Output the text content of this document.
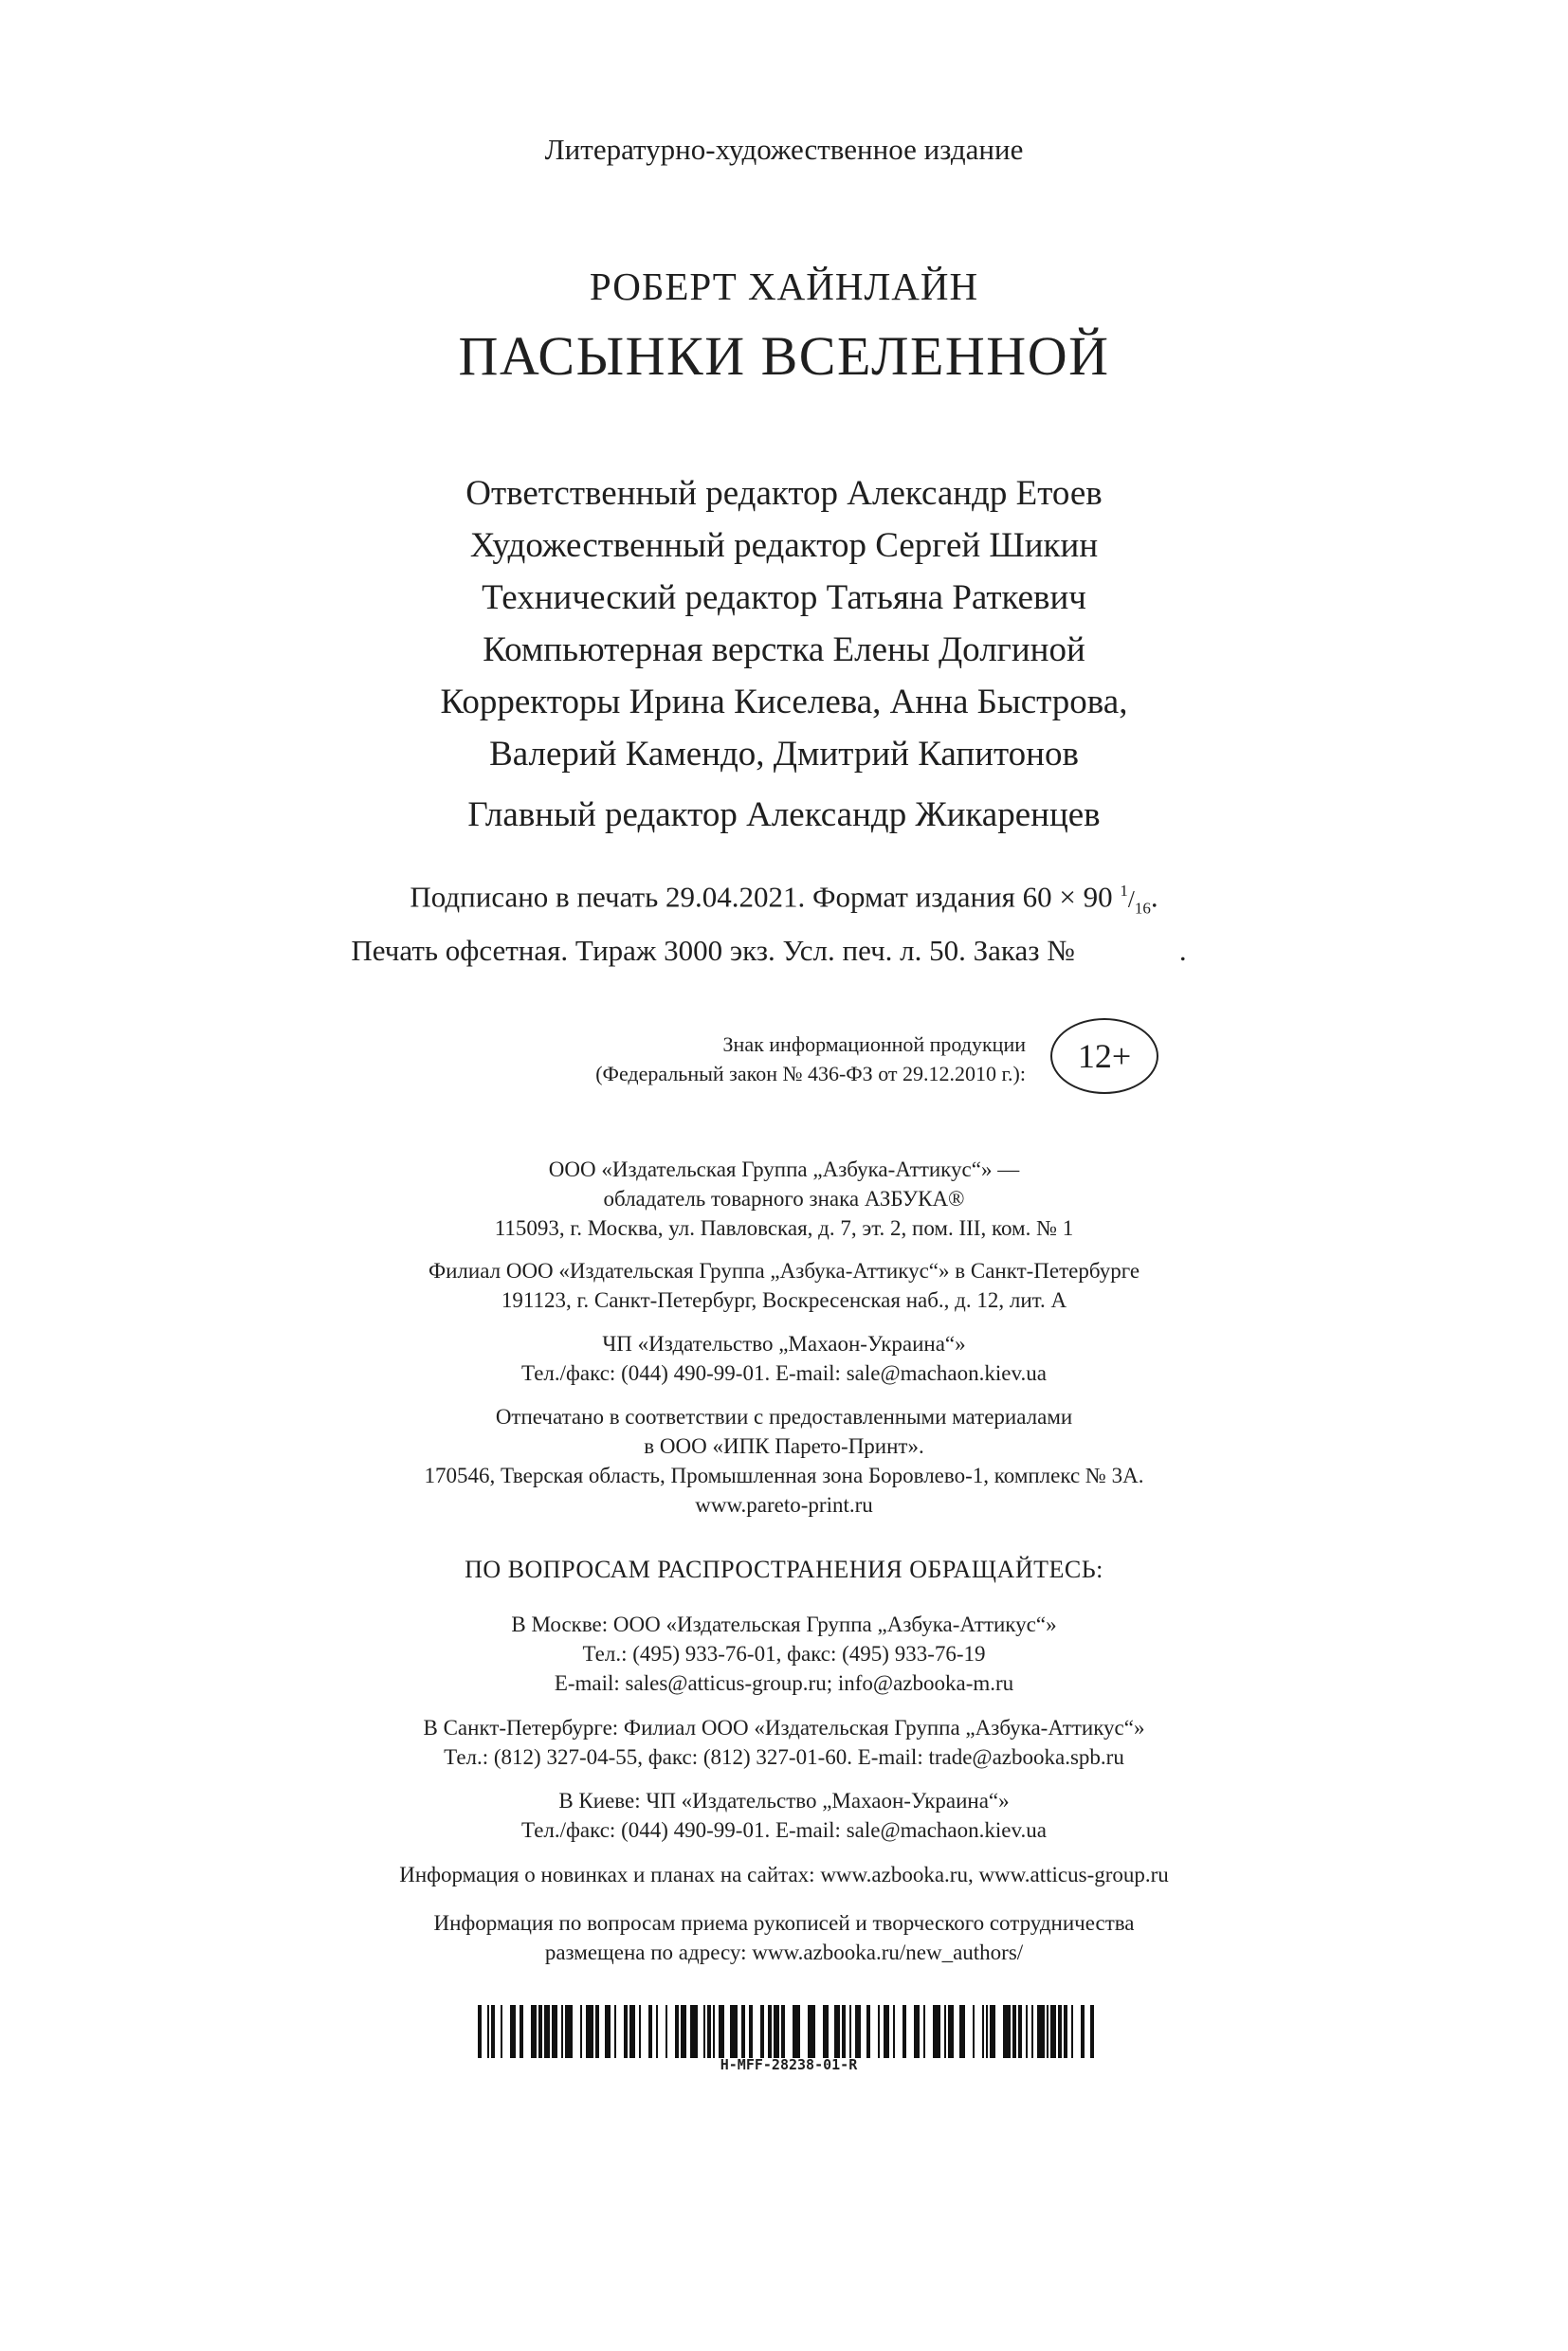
Литературно-художественное издание
РОБЕРТ ХАЙНЛАЙН
ПАСЫНКИ ВСЕЛЕННОЙ
Ответственный редактор Александр Етоев
Художественный редактор Сергей Шикин
Технический редактор Татьяна Раткевич
Компьютерная верстка Елены Долгиной
Корректоры Ирина Киселева, Анна Быстрова,
Валерий Камендо, Дмитрий Капитонов
Главный редактор Александр Жикаренцев
Подписано в печать 29.04.2021. Формат издания 60 × 90 $^1/_{16}$.
Печать офсетная. Тираж 3000 экз. Усл. печ. л. 50. Заказ №	.
Знак информационной продукции
(Федеральный закон № 436-ФЗ от 29.12.2010 г.):	12+
ООО «Издательская Группа „Азбука-Аттикус“» —
обладатель товарного знака АЗБУКА®
115093, г. Москва, ул. Павловская, д. 7, эт. 2, пом. III, ком. № 1
Филиал ООО «Издательская Группа „Азбука-Аттикус“» в Санкт-Петербурге
191123, г. Санкт-Петербург, Воскресенская наб., д. 12, лит. А
ЧП «Издательство „Махаон-Украина“»
Тел./факс: (044) 490-99-01. E-mail: sale@machaon.kiev.ua
Отпечатано в соответствии с предоставленными материалами
в ООО «ИПК Парето-Принт».
170546, Тверская область, Промышленная зона Боровлево-1, комплекс № 3А.
www.pareto-print.ru
ПО ВОПРОСАМ РАСПРОСТРАНЕНИЯ ОБРАЩАЙТЕСЬ:
В Москве: ООО «Издательская Группа „Азбука-Аттикус“»
Тел.: (495) 933-76-01, факс: (495) 933-76-19
E-mail: sales@atticus-group.ru; info@azbooka-m.ru
В Санкт-Петербурге: Филиал ООО «Издательская Группа „Азбука-Аттикус“»
Тел.: (812) 327-04-55, факс: (812) 327-01-60. E-mail: trade@azbooka.spb.ru
В Киеве: ЧП «Издательство „Махаон-Украина“»
Тел./факс: (044) 490-99-01. E-mail: sale@machaon.kiev.ua
Информация о новинках и планах на сайтах: www.azbooka.ru, www.atticus-group.ru
Информация по вопросам приема рукописей и творческого сотрудничества
размещена по адресу: www.azbooka.ru/new_authors/
H-MFF-28238-01-R
